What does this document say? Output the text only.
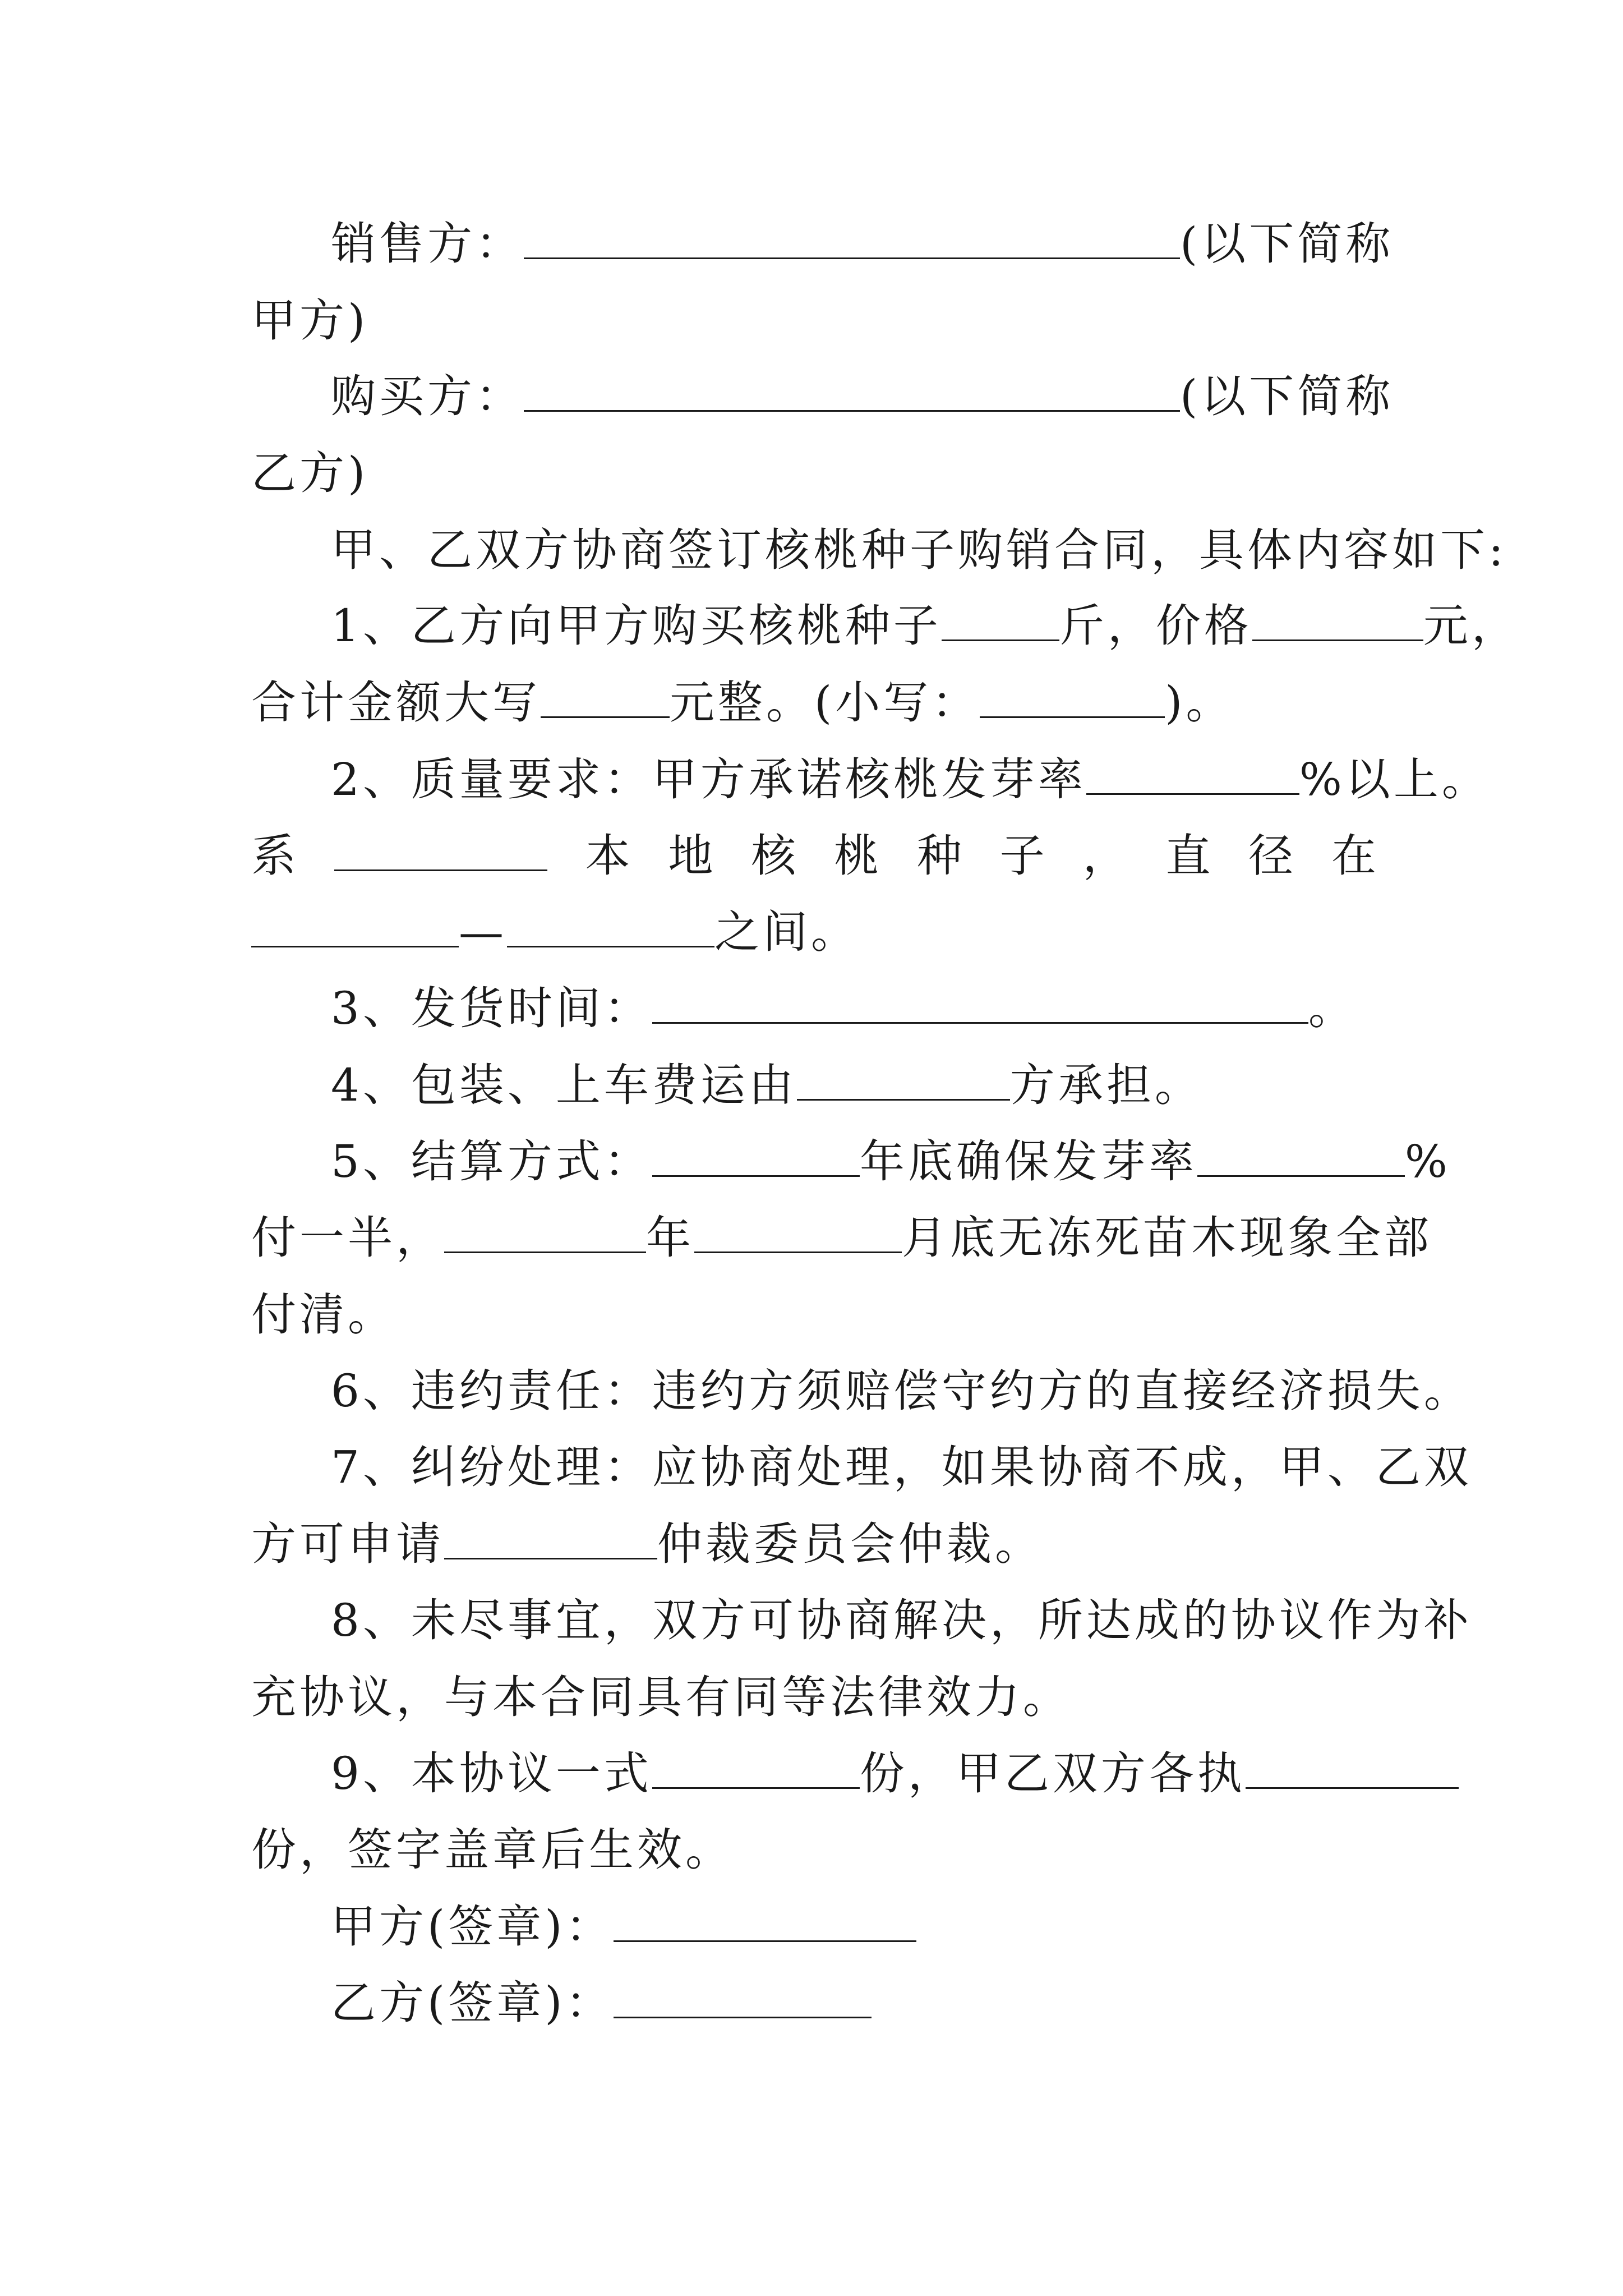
销售方：	(以下简称
甲方)
购买方：	(以下简称
乙方)
甲、乙双方协商签订核桃种子购销合同，具体内容如下:
1、乙方向甲方购买核桃种子	斤，价格	元，
合计金额大写	元整。(小写：	)。
2、质量要求：甲方承诺核桃发芽率	%以上。
系	本 地 核 桃 种 子 ， 直 径 在
—	之间。
3、发货时间：	。
4、包装、上车费运由	方承担。
5、结算方式：	年底确保发芽率	%
付一半，	年	月底无冻死苗木现象全部
付清。
6、违约责任：违约方须赔偿守约方的直接经济损失。
7、纠纷处理：应协商处理，如果协商不成，甲、乙双
方可申请	仲裁委员会仲裁。
8、未尽事宜，双方可协商解决，所达成的协议作为补
充协议，与本合同具有同等法律效力。
9、本协议一式	份，甲乙双方各执
份，签字盖章后生效。
甲方(签章)：
乙方(签章)：
